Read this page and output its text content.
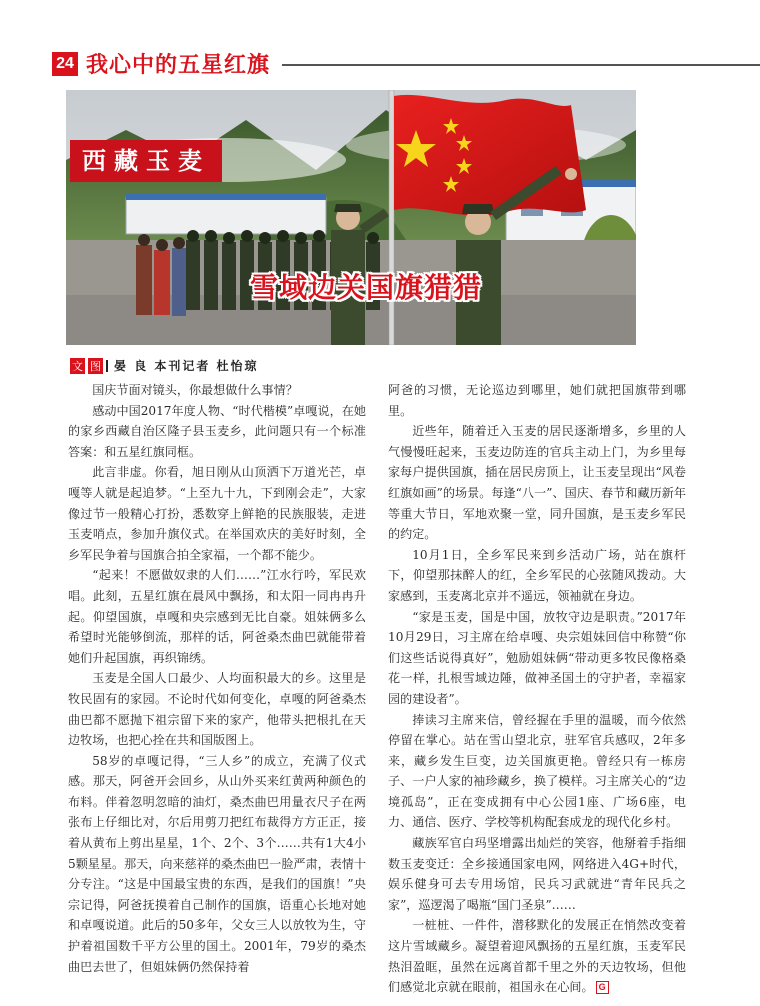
24 我心中的五星红旗
西藏玉麦
雪域边关国旗猎猎
文 图 晏 良 本刊记者 杜怡琼

国庆节面对镜头，你最想做什么事情？

感动中国2017年度人物、“时代楷模”卓嘎说，在她的家乡西藏自治区隆子县玉麦乡，此问题只有一个标准答案：和五星红旗同框。

此言非虚。你看，旭日刚从山顶洒下万道光芒，卓嘎等人就是起追梦。“上至九十九，下到刚会走”，大家像过节一般精心打扮，悉数穿上鲜艳的民族服装，走进玉麦哨点，参加升旗仪式。在举国欢庆的美好时刻，全乡军民争着与国旗合拍全家福，一个都不能少。

“起来！不愿做奴隶的人们……”江水行吟，军民欢唱。此刻，五星红旗在晨风中飘扬，和太阳一同冉冉升起。仰望国旗，卓嘎和央宗感到无比自豪。姐妹俩多么希望时光能够倒流，那样的话，阿爸桑杰曲巴就能带着她们升起国旗，再织锦绣。

玉麦是全国人口最少、人均面积最大的乡。这里是牧民固有的家园。不论时代如何变化，卓嘎的阿爸桑杰曲巴都不愿抛下祖宗留下来的家产，他带头把根扎在天边牧场，也把心拴在共和国版图上。

58岁的卓嘎记得，“三人乡”的成立，充满了仪式感。那天，阿爸开会回乡，从山外买来红黄两种颜色的布料。伴着忽明忽暗的油灯，桑杰曲巴用量衣尺子在两张布上仔细比对，尔后用剪刀把红布裁得方方正正，接着从黄布上剪出星星，1个、2个、3个……共有1大4小5颗星星。那天，向来慈祥的桑杰曲巴一脸严肃，表情十分专注。“这是中国最宝贵的东西，是我们的国旗！”央宗记得，阿爸抚摸着自己制作的国旗，语重心长地对她和卓嘎说道。此后的50多年，父女三人以放牧为生，守护着祖国数千平方公里的国土。2001年，79岁的桑杰曲巴去世了，但姐妹俩仍然保持着

阿爸的习惯，无论巡边到哪里，她们就把国旗带到哪里。

近些年，随着迁入玉麦的居民逐渐增多，乡里的人气慢慢旺起来，玉麦边防连的官兵主动上门，为乡里每家每户提供国旗，插在居民房顶上，让玉麦呈现出“风卷红旗如画”的场景。每逢“八一”、国庆、春节和藏历新年等重大节日，军地欢聚一堂，同升国旗，是玉麦乡军民的约定。

10月1日，全乡军民来到乡活动广场，站在旗杆下，仰望那抹醉人的红，全乡军民的心弦随风拨动。大家感到，玉麦离北京并不遥远，领袖就在身边。

“家是玉麦，国是中国，放牧守边是职责。”2017年10月29日，习主席在给卓嘎、央宗姐妹回信中称赞“你们这些话说得真好”，勉励姐妹俩“带动更多牧民像格桑花一样，扎根雪域边陲，做神圣国土的守护者，幸福家园的建设者”。

捧读习主席来信，曾经握在手里的温暖，而今依然停留在掌心。站在雪山望北京，驻军官兵感叹，2年多来，藏乡发生巨变，边关国旗更艳。曾经只有一栋房子、一户人家的袖珍藏乡，换了模样。习主席关心的“边境孤岛”，正在变成拥有中心公园1座、广场6座，电力、通信、医疗、学校等机构配套成龙的现代化乡村。

藏族军官白玛坚增露出灿烂的笑容，他掰着手指细数玉麦变迁：全乡接通国家电网，网络进入4G+时代，娱乐健身可去专用场馆，民兵习武就进“青年民兵之家”，巡逻渴了喝瓶“国门圣泉”……

一桩桩、一件件，潜移默化的发展正在悄然改变着这片雪域藏乡。凝望着迎风飘扬的五星红旗，玉麦军民热泪盈眶，虽然在远离首都千里之外的天边牧场，但他们感觉北京就在眼前，祖国永在心间。 G
